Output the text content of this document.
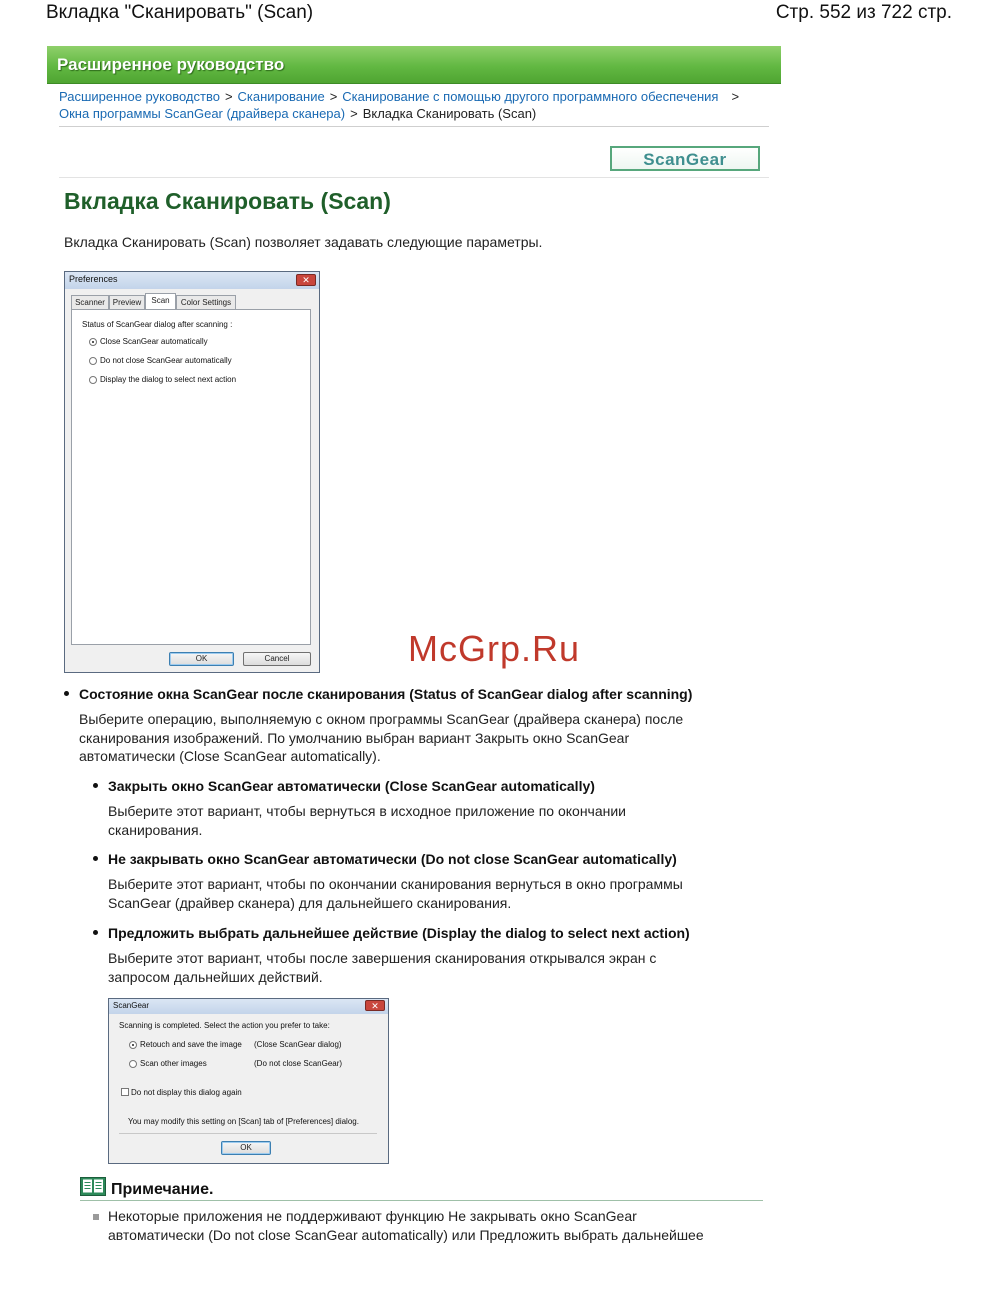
Вкладка "Сканировать" (Scan)	Стр. 552 из 722 стр.
Расширенное руководство
Расширенное руководство > Сканирование > Сканирование с помощью другого программного обеспечения >
Окна программы ScanGear (драйвера сканера) > Вкладка Сканировать (Scan)
ScanGear
Вкладка Сканировать (Scan)
Вкладка Сканировать (Scan) позволяет задавать следующие параметры.
Preferences	✕
Scanner Preview	Scan	Color Settings
Status of ScanGear dialog after scanning :
Close ScanGear automatically
Do not close ScanGear automatically
Display the dialog to select next action
OK	Cancel	McGrp.Ru
Состояние окна ScanGear после сканирования (Status of ScanGear dialog after scanning)
Выберите операцию, выполняемую с окном программы ScanGear (драйвера сканера) после
сканирования изображений. По умолчанию выбран вариант Закрыть окно ScanGear
автоматически (Close ScanGear automatically).
Закрыть окно ScanGear автоматически (Close ScanGear automatically)
Выберите этот вариант, чтобы вернуться в исходное приложение по окончании
сканирования.
Не закрывать окно ScanGear автоматически (Do not close ScanGear automatically)
Выберите этот вариант, чтобы по окончании сканирования вернуться в окно программы
ScanGear (драйвер сканера) для дальнейшего сканирования.
Предложить выбрать дальнейшее действие (Display the dialog to select next action)
Выберите этот вариант, чтобы после завершения сканирования открывался экран с
запросом дальнейших действий.
ScanGear	✕
Scanning is completed. Select the action you prefer to take:
Retouch and save the image (Close ScanGear dialog)
Scan other images	(Do not close ScanGear)
Do not display this dialog again
You may modify this setting on [Scan] tab of [Preferences] dialog.
OK
Примечание.
Некоторые приложения не поддерживают функцию Не закрывать окно ScanGear
автоматически (Do not close ScanGear automatically) или Предложить выбрать дальнейшее
